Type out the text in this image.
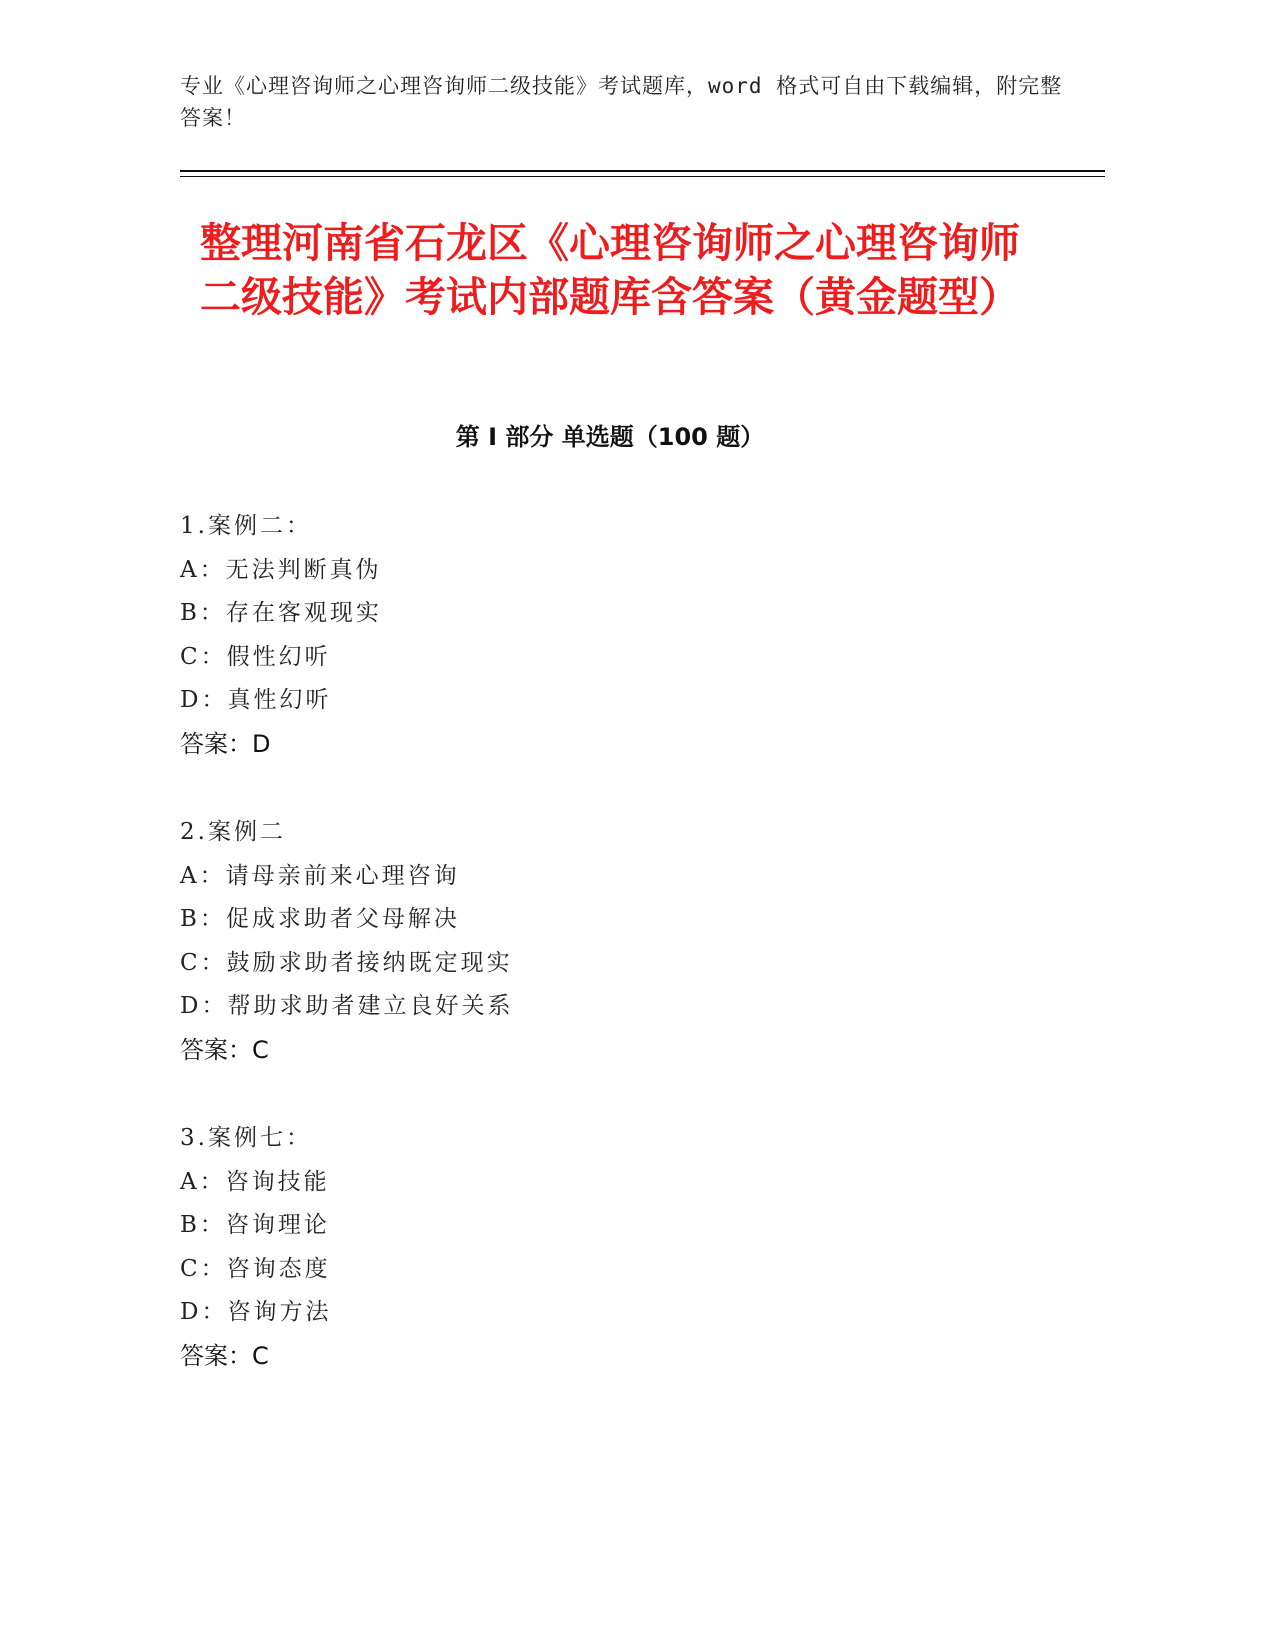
专业《心理咨询师之心理咨询师二级技能》考试题库，word 格式可自由下载编辑，附完整答案！

整理河南省石龙区《心理咨询师之心理咨询师二级技能》考试内部题库含答案（黄金题型）
第 I 部分 单选题（100 题）
1.案例二：
A：无法判断真伪
B：存在客观现实
C：假性幻听
D：真性幻听
答案：D
2.案例二
A：请母亲前来心理咨询
B：促成求助者父母解决
C：鼓励求助者接纳既定现实
D：帮助求助者建立良好关系
答案：C
3.案例七：
A：咨询技能
B：咨询理论
C：咨询态度
D：咨询方法
答案：C
